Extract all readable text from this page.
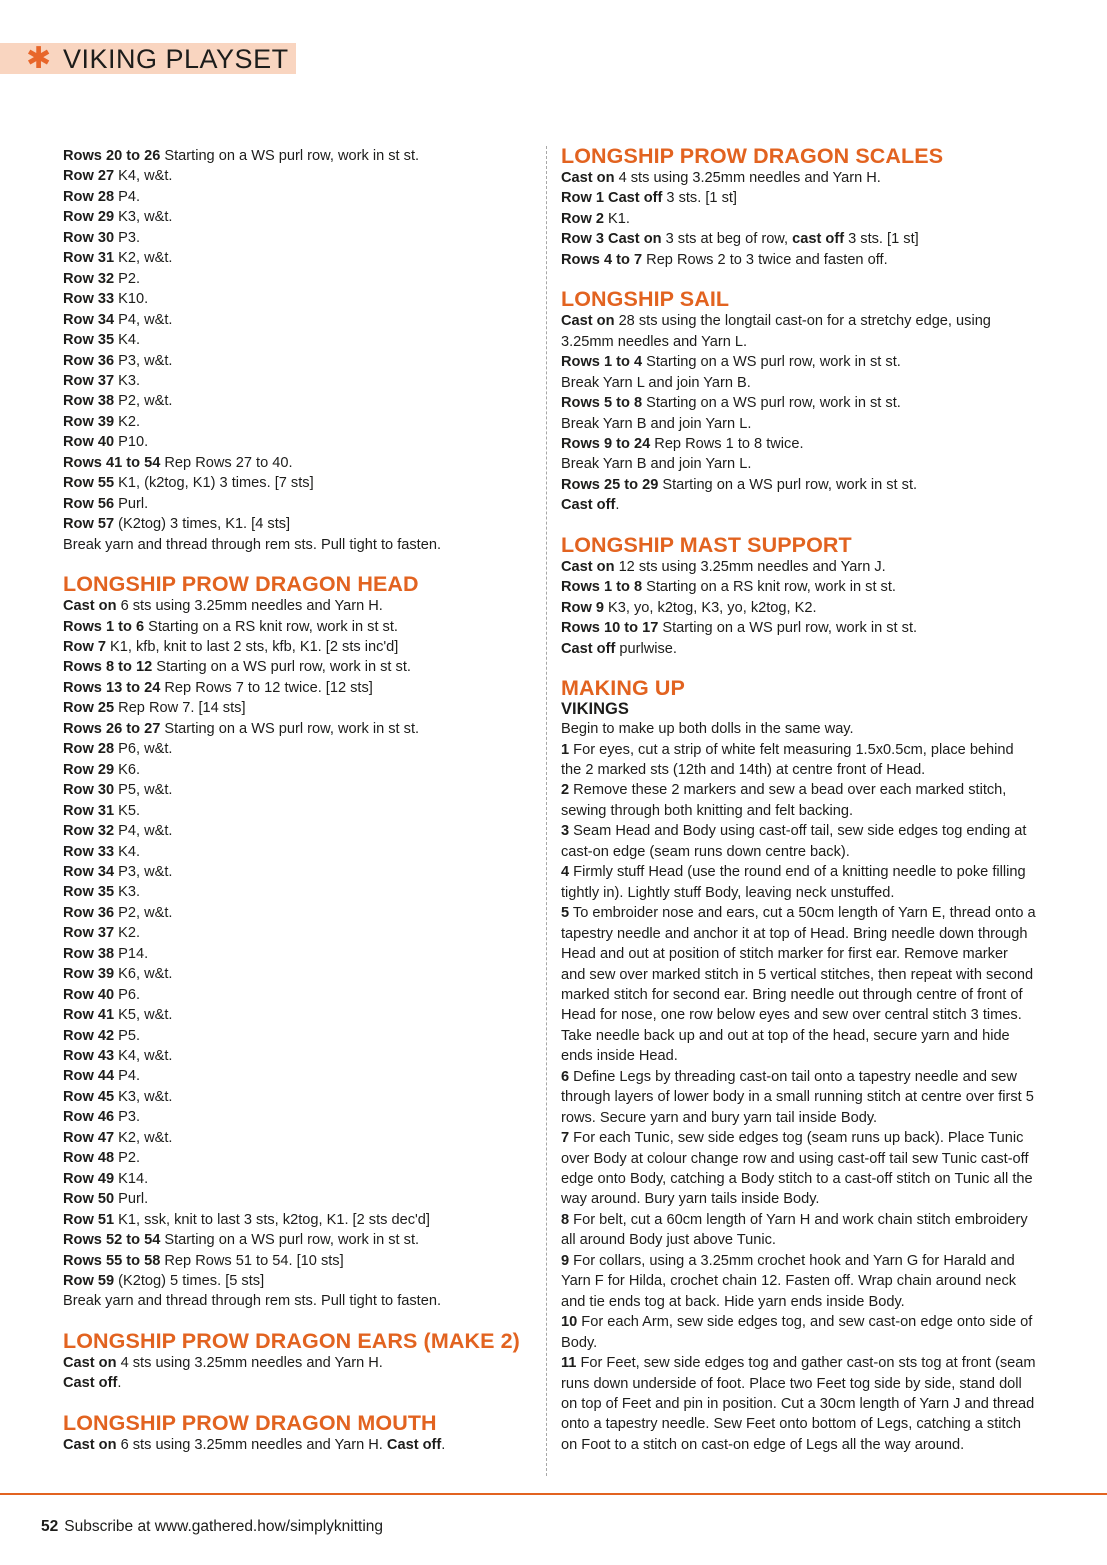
✱ VIKING PLAYSET
Rows 20 to 26 Starting on a WS purl row, work in st st.
Row 27 K4, w&t.
Row 28 P4.
Row 29 K3, w&t.
Row 30 P3.
Row 31 K2, w&t.
Row 32 P2.
Row 33 K10.
Row 34 P4, w&t.
Row 35 K4.
Row 36 P3, w&t.
Row 37 K3.
Row 38 P2, w&t.
Row 39 K2.
Row 40 P10.
Rows 41 to 54 Rep Rows 27 to 40.
Row 55 K1, (k2tog, K1) 3 times. [7 sts]
Row 56 Purl.
Row 57 (K2tog) 3 times, K1. [4 sts]
Break yarn and thread through rem sts. Pull tight to fasten.
LONGSHIP PROW DRAGON HEAD
Cast on 6 sts using 3.25mm needles and Yarn H.
Rows 1 to 6 Starting on a RS knit row, work in st st.
Row 7 K1, kfb, knit to last 2 sts, kfb, K1. [2 sts inc'd]
Rows 8 to 12 Starting on a WS purl row, work in st st.
Rows 13 to 24 Rep Rows 7 to 12 twice. [12 sts]
Row 25 Rep Row 7. [14 sts]
Rows 26 to 27 Starting on a WS purl row, work in st st.
Row 28 P6, w&t.
Row 29 K6.
Row 30 P5, w&t.
Row 31 K5.
Row 32 P4, w&t.
Row 33 K4.
Row 34 P3, w&t.
Row 35 K3.
Row 36 P2, w&t.
Row 37 K2.
Row 38 P14.
Row 39 K6, w&t.
Row 40 P6.
Row 41 K5, w&t.
Row 42 P5.
Row 43 K4, w&t.
Row 44 P4.
Row 45 K3, w&t.
Row 46 P3.
Row 47 K2, w&t.
Row 48 P2.
Row 49 K14.
Row 50 Purl.
Row 51 K1, ssk, knit to last 3 sts, k2tog, K1. [2 sts dec'd]
Rows 52 to 54 Starting on a WS purl row, work in st st.
Rows 55 to 58 Rep Rows 51 to 54. [10 sts]
Row 59 (K2tog) 5 times. [5 sts]
Break yarn and thread through rem sts. Pull tight to fasten.
LONGSHIP PROW DRAGON EARS (MAKE 2)
Cast on 4 sts using 3.25mm needles and Yarn H.
Cast off.
LONGSHIP PROW DRAGON MOUTH
Cast on 6 sts using 3.25mm needles and Yarn H. Cast off.
LONGSHIP PROW DRAGON SCALES
Cast on 4 sts using 3.25mm needles and Yarn H.
Row 1 Cast off 3 sts. [1 st]
Row 2 K1.
Row 3 Cast on 3 sts at beg of row, cast off 3 sts. [1 st]
Rows 4 to 7 Rep Rows 2 to 3 twice and fasten off.
LONGSHIP SAIL
Cast on 28 sts using the longtail cast-on for a stretchy edge, using 3.25mm needles and Yarn L.
Rows 1 to 4 Starting on a WS purl row, work in st st.
Break Yarn L and join Yarn B.
Rows 5 to 8 Starting on a WS purl row, work in st st.
Break Yarn B and join Yarn L.
Rows 9 to 24 Rep Rows 1 to 8 twice.
Break Yarn B and join Yarn L.
Rows 25 to 29 Starting on a WS purl row, work in st st.
Cast off.
LONGSHIP MAST SUPPORT
Cast on 12 sts using 3.25mm needles and Yarn J.
Rows 1 to 8 Starting on a RS knit row, work in st st.
Row 9 K3, yo, k2tog, K3, yo, k2tog, K2.
Rows 10 to 17 Starting on a WS purl row, work in st st.
Cast off purlwise.
MAKING UP
VIKINGS
Begin to make up both dolls in the same way.
1 For eyes, cut a strip of white felt measuring 1.5x0.5cm, place behind the 2 marked sts (12th and 14th) at centre front of Head.
2 Remove these 2 markers and sew a bead over each marked stitch, sewing through both knitting and felt backing.
3 Seam Head and Body using cast-off tail, sew side edges tog ending at cast-on edge (seam runs down centre back).
4 Firmly stuff Head (use the round end of a knitting needle to poke filling tightly in). Lightly stuff Body, leaving neck unstuffed.
5 To embroider nose and ears, cut a 50cm length of Yarn E, thread onto a tapestry needle and anchor it at top of Head. Bring needle down through Head and out at position of stitch marker for first ear. Remove marker and sew over marked stitch in 5 vertical stitches, then repeat with second marked stitch for second ear. Bring needle out through centre of front of Head for nose, one row below eyes and sew over central stitch 3 times. Take needle back up and out at top of the head, secure yarn and hide ends inside Head.
6 Define Legs by threading cast-on tail onto a tapestry needle and sew through layers of lower body in a small running stitch at centre over first 5 rows. Secure yarn and bury yarn tail inside Body.
7 For each Tunic, sew side edges tog (seam runs up back). Place Tunic over Body at colour change row and using cast-off tail sew Tunic cast-off edge onto Body, catching a Body stitch to a cast-off stitch on Tunic all the way around. Bury yarn tails inside Body.
8 For belt, cut a 60cm length of Yarn H and work chain stitch embroidery all around Body just above Tunic.
9 For collars, using a 3.25mm crochet hook and Yarn G for Harald and Yarn F for Hilda, crochet chain 12. Fasten off. Wrap chain around neck and tie ends tog at back. Hide yarn ends inside Body.
10 For each Arm, sew side edges tog, and sew cast-on edge onto side of Body.
11 For Feet, sew side edges tog and gather cast-on sts tog at front (seam runs down underside of foot. Place two Feet tog side by side, stand doll on top of Feet and pin in position. Cut a 30cm length of Yarn J and thread onto a tapestry needle. Sew Feet onto bottom of Legs, catching a stitch on Foot to a stitch on cast-on edge of Legs all the way around.
52 Subscribe at www.gathered.how/simplyknitting
